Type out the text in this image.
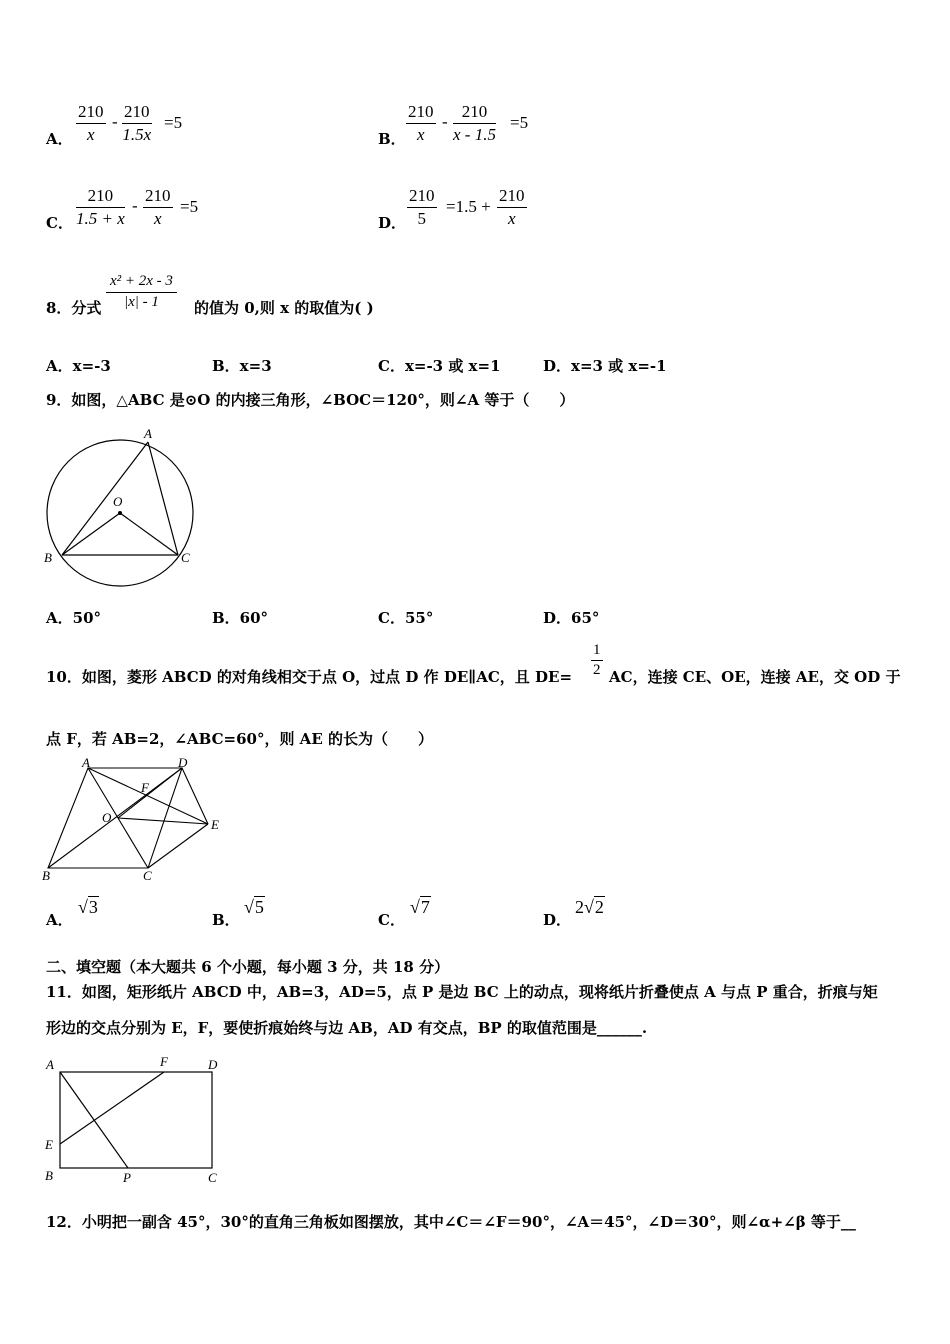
A． $\frac{210}{x} - \frac{210}{1.5x} =5$
B． $\frac{210}{x} - \frac{210}{x - 1.5} =5$
C． $\frac{210}{1.5 + x} - \frac{210}{x} =5$
D． $\frac{210}{5} =1.5 + \frac{210}{x}$
8．分式 $\frac{\text{x² + 2x - 3}}{|x| - 1}$ 的值为 0,则 x 的取值为( )
A．x=-3	B．x=3	C．x=-3 或 x=1	D．x=3 或 x=-1
9．如图，△ABC 是⊙O 的内接三角形，∠BOC＝120°，则∠A 等于（　　）
A
B	C
O
A．50°	B．60°	C．55°	D．65°
10．如图，菱形 ABCD 的对角线相交于点 O，过点 D 作 DE∥AC，且 $DE= \frac{1}{2}$ AC，连接 CE、OE，连接 AE，交 OD 于
点 F，若 AB=2，∠ABC=60°，则 AE 的长为（　　）
A	D
B	C
E
F
O
A．
√3
B．
√5
C．
√7
D．
2√2
二、填空题（本大题共 6 个小题，每小题 3 分，共 18 分）
11．如图，矩形纸片 ABCD 中，AB=3，AD=5，点 P 是边 BC 上的动点，现将纸片折叠使点 A 与点 P 重合，折痕与矩
形边的交点分别为 E，F，要使折痕始终与边 AB，AD 有交点，BP 的取值范围是______.
A	D
F
E
B	P	C
12．小明把一副含 45°，30°的直角三角板如图摆放，其中∠C＝∠F＝90°，∠A＝45°，∠D＝30°，则∠α+∠β 等于__
